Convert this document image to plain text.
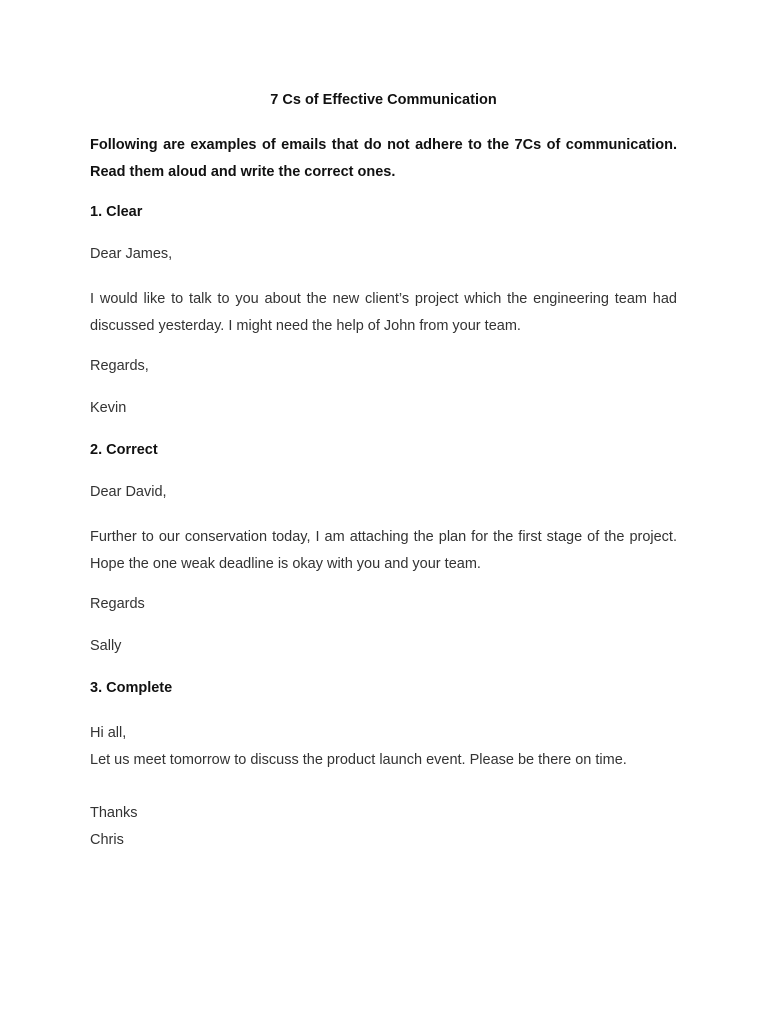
7 Cs of Effective Communication
Following are examples of emails that do not adhere to the 7Cs of communication. Read them aloud and write the correct ones.
1. Clear
Dear James,
I would like to talk to you about the new client’s project which the engineering team had discussed yesterday. I might need the help of John from your team.
Regards,
Kevin
2. Correct
Dear David,
Further to our conservation today, I am attaching the plan for the first stage of the project. Hope the one weak deadline is okay with you and your team.
Regards
Sally
3. Complete
Hi all,
Let us meet tomorrow to discuss the product launch event. Please be there on time.
Thanks
Chris
